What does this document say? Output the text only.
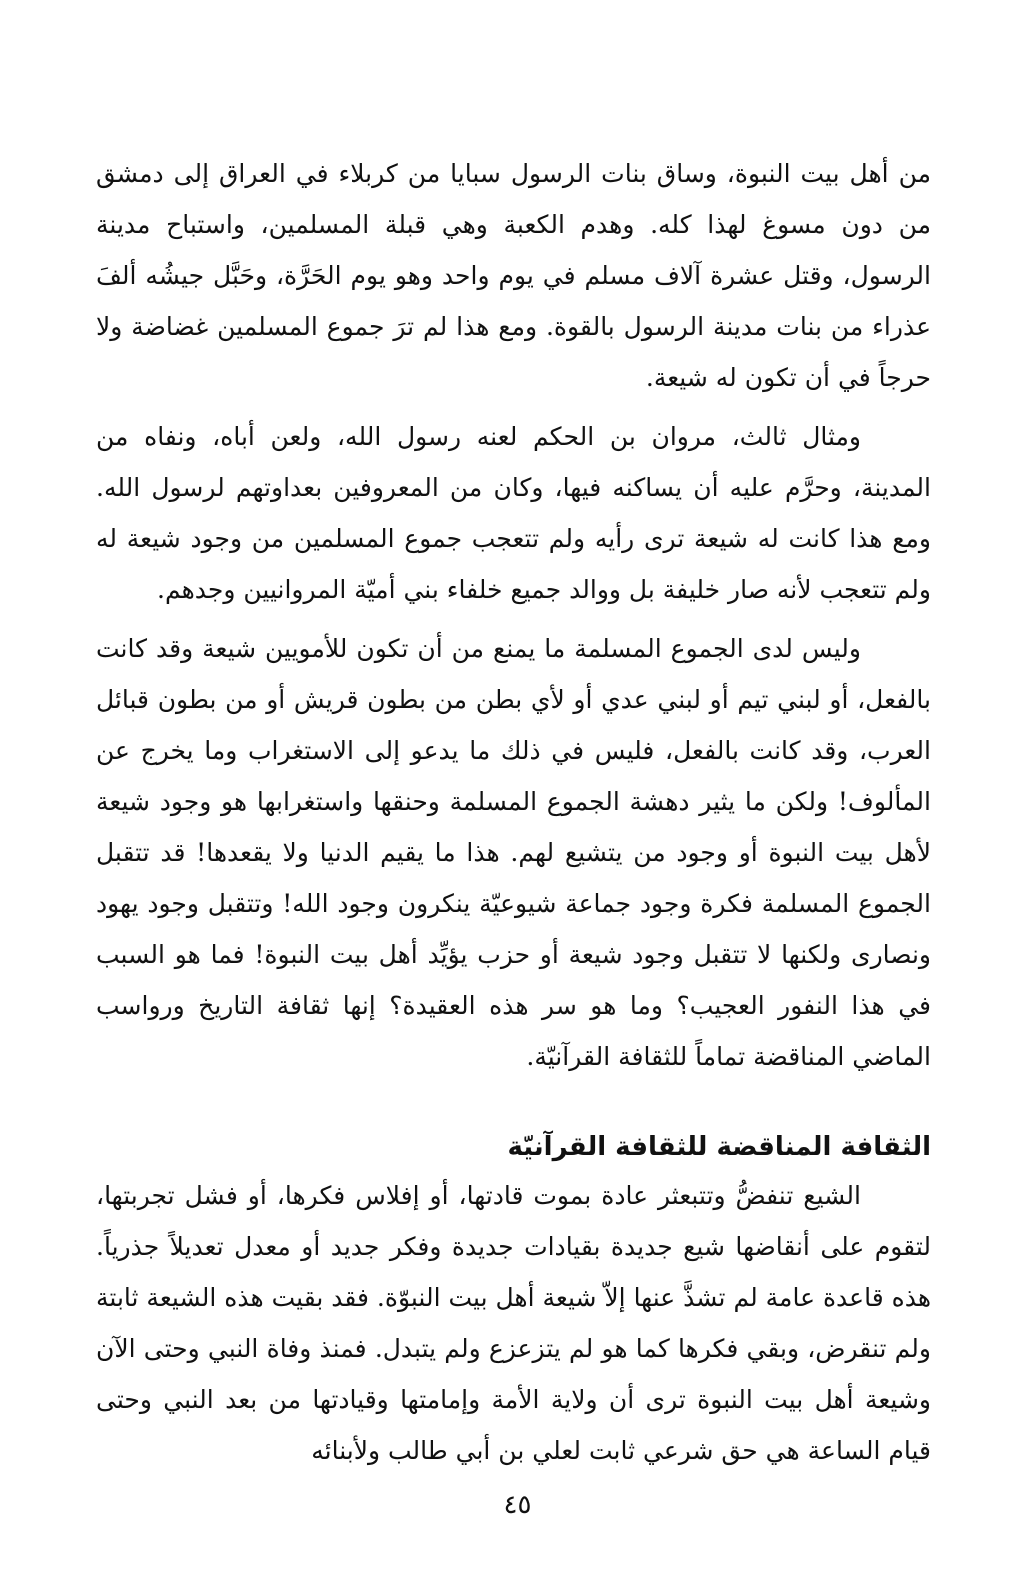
من أهل بيت النبوة، وساق بنات الرسول سبايا من كربلاء في العراق إلى دمشق من دون مسوغ لهذا كله. وهدم الكعبة وهي قبلة المسلمين، واستباح مدينة الرسول، وقتل عشرة آلاف مسلم في يوم واحد وهو يوم الحَرَّة، وحَبَّل جيشُه ألفَ عذراء من بنات مدينة الرسول بالقوة. ومع هذا لم ترَ جموع المسلمين غضاضة ولا حرجاً في أن تكون له شيعة.

ومثال ثالث، مروان بن الحكم لعنه رسول الله، ولعن أباه، ونفاه من المدينة، وحرَّم عليه أن يساكنه فيها، وكان من المعروفين بعداوتهم لرسول الله. ومع هذا كانت له شيعة ترى رأيه ولم تتعجب جموع المسلمين من وجود شيعة له ولم تتعجب لأنه صار خليفة بل ووالد جميع خلفاء بني أميّة المروانيين وجدهم.

وليس لدى الجموع المسلمة ما يمنع من أن تكون للأمويين شيعة وقد كانت بالفعل، أو لبني تيم أو لبني عدي أو لأي بطن من بطون قريش أو من بطون قبائل العرب، وقد كانت بالفعل، فليس في ذلك ما يدعو إلى الاستغراب وما يخرج عن المألوف! ولكن ما يثير دهشة الجموع المسلمة وحنقها واستغرابها هو وجود شيعة لأهل بيت النبوة أو وجود من يتشيع لهم. هذا ما يقيم الدنيا ولا يقعدها! قد تتقبل الجموع المسلمة فكرة وجود جماعة شيوعيّة ينكرون وجود الله! وتتقبل وجود يهود ونصارى ولكنها لا تتقبل وجود شيعة أو حزب يؤيِّد أهل بيت النبوة! فما هو السبب في هذا النفور العجيب؟ وما هو سر هذه العقيدة؟ إنها ثقافة التاريخ ورواسب الماضي المناقضة تماماً للثقافة القرآنيّة.

الثقافة المناقضة للثقافة القرآنيّة

الشيع تنفضُّ وتتبعثر عادة بموت قادتها، أو إفلاس فكرها، أو فشل تجربتها، لتقوم على أنقاضها شيع جديدة بقيادات جديدة وفكر جديد أو معدل تعديلاً جذرياً. هذه قاعدة عامة لم تشذَّ عنها إلاّ شيعة أهل بيت النبوّة. فقد بقيت هذه الشيعة ثابتة ولم تنقرض، وبقي فكرها كما هو لم يتزعزع ولم يتبدل. فمنذ وفاة النبي وحتى الآن وشيعة أهل بيت النبوة ترى أن ولاية الأمة وإمامتها وقيادتها من بعد النبي وحتى قيام الساعة هي حق شرعي ثابت لعلي بن أبي طالب ولأبنائه

٤٥
